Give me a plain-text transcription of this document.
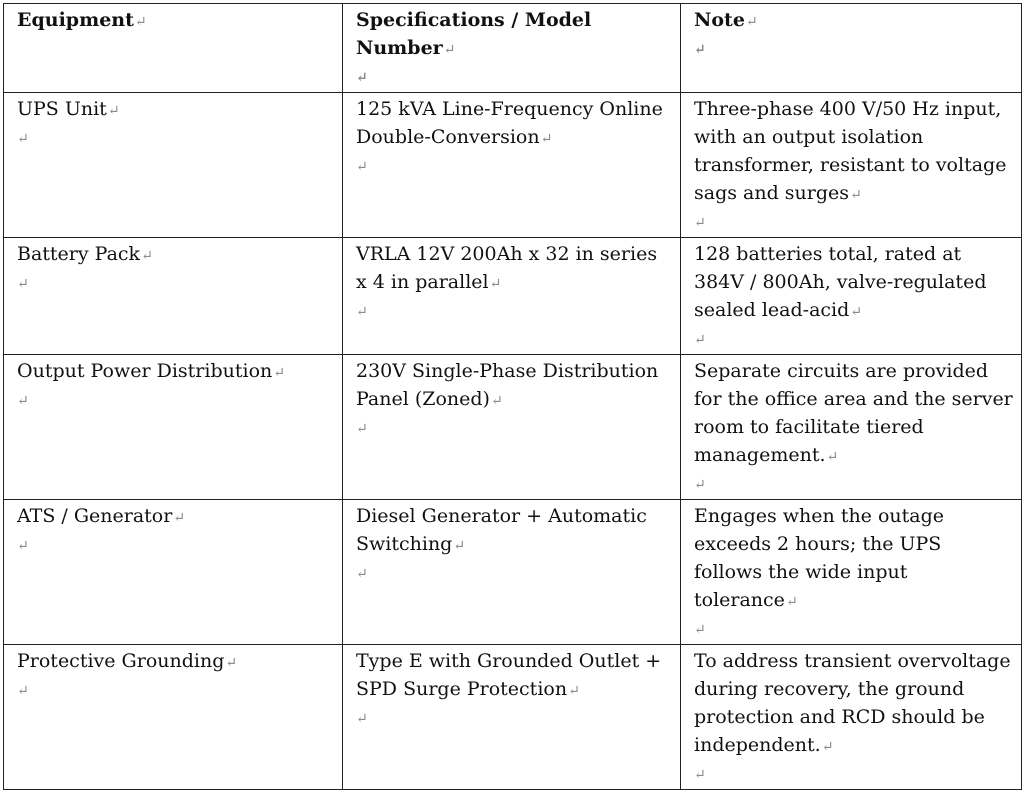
Equipment↵	Specifications / Model Number↵
↵	Note↵
↵

UPS Unit↵
↵	125 kVA Line-Frequency Online Double-Conversion↵
↵	Three-phase 400 V/50 Hz input, with an output isolation transformer, resistant to voltage sags and surges↵
↵

Battery Pack↵
↵	VRLA 12V 200Ah x 32 in series x 4 in parallel↵
↵	128 batteries total, rated at 384V / 800Ah, valve-regulated sealed lead-acid↵
↵

Output Power Distribution↵
↵	230V Single-Phase Distribution Panel (Zoned)↵
↵	Separate circuits are provided for the office area and the server room to facilitate tiered management.↵
↵

ATS / Generator↵
↵	Diesel Generator + Automatic Switching↵
↵	Engages when the outage exceeds 2 hours; the UPS follows the wide input tolerance↵
↵

Protective Grounding↵
↵	Type E with Grounded Outlet + SPD Surge Protection↵
↵	To address transient overvoltage during recovery, the ground protection and RCD should be independent.↵
↵
